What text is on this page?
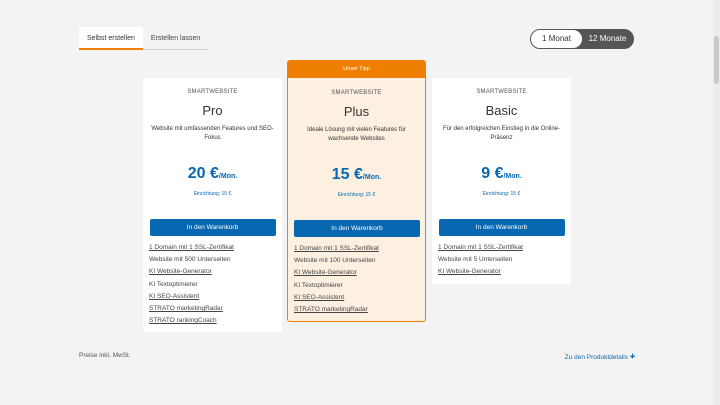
Selbst erstellen	Erstellen lassen	1 Monat	12 Monate
SMARTWEBSITE
Pro
Website mit umfassenden Features und SEO-Fokus
20 €/Mon.
Einrichtung: 15 €
In den Warenkorb
1 Domain mit 1 SSL-Zertifikat
Website mit 500 Unterseiten
KI Website-Generator
KI Textoptimierer
KI SEO-Assistent
STRATO marketingRadar
STRATO rankingCoach
Unser Tipp
SMARTWEBSITE
Plus
Ideale Lösung mit vielen Features für wachsende Websites
15 €/Mon.
Einrichtung: 15 €
In den Warenkorb
1 Domain mit 1 SSL-Zertifikat
Website mit 100 Unterseiten
KI Website-Generator
KI Textoptimierer
KI SEO-Assistent
STRATO marketingRadar
SMARTWEBSITE
Basic
Für den erfolgreichen Einstieg in die Online-Präsenz
9 €/Mon.
Einrichtung: 15 €
In den Warenkorb
1 Domain mit 1 SSL-Zertifikat
Website mit 5 Unterseiten
KI Website-Generator
Preise inkl. MwSt.	Zu den Produktdetails 🡻
